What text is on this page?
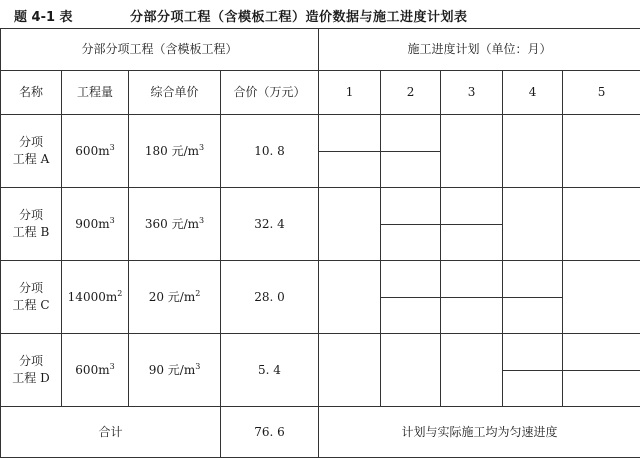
题 4-1 表	分部分项工程（含模板工程）造价数据与施工进度计划表
分部分项工程（含模板工程）				施工进度计划（单位：月）				
名称	工程量	综合单价	合价（万元）	1	2	3	4	5
分项
工程 A	$600m^3$	180 元$/m^3$	10. 8	

分项
工程 B	$900m^3$	360 元$/m^3$	32. 4		

分项
工程 C	$14000m^2$	20 元$/m^2$	28. 0		

分项
工程 D	$600m^3$	90 元$/m^3$	5. 4				

合计			76. 6	计划与实际施工均为匀速进度				
